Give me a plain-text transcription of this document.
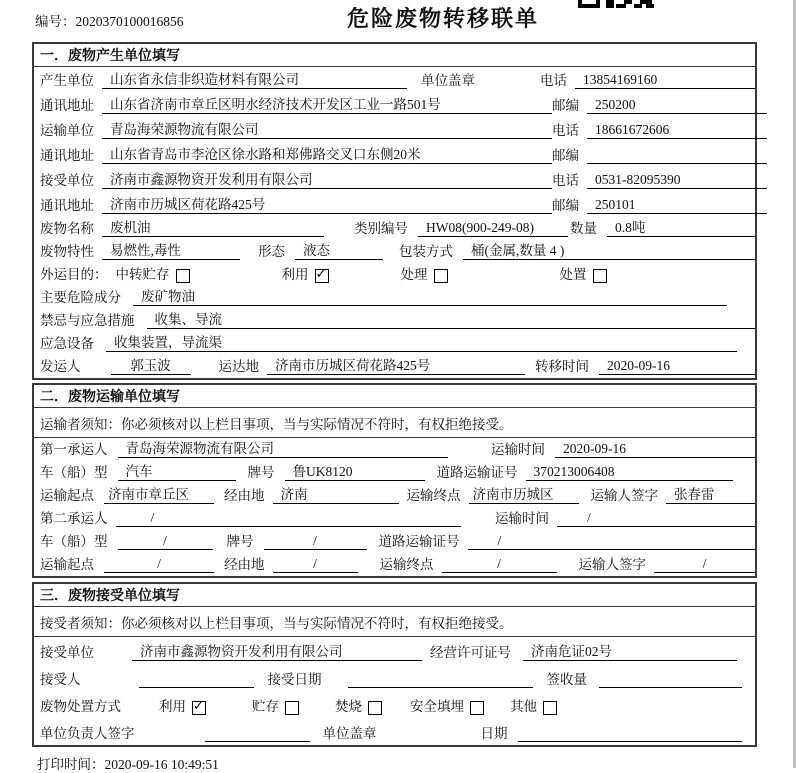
编号：2020370100016856	危险废物转移联单
一．废物产生单位填写
产生单位	山东省永信非织造材料有限公司	单位盖章	电话	13854169160
通讯地址	山东省济南市章丘区明水经济技术开发区工业一路501号	邮编	250200
运输单位	青岛海荣源物流有限公司	电话	18661672606
通讯地址	山东省青岛市李沧区徐水路和郑佛路交叉口东侧20米	邮编
接受单位	济南市鑫源物资开发利用有限公司	电话	0531-82095390
通讯地址	济南市历城区荷花路425号	邮编	250101
废物名称	废机油	类别编号	HW08(900-249-08)	数量	0.8吨
废物特性	易燃性,毒性	形态	液态	包装方式	桶(金属,数量 4 )
外运目的： 中转贮存	利用 ✓	处理	处置
主要危险成分	废矿物油
禁忌与应急措施	收集、导流
应急设备	收集装置，导流渠
发运人	郭玉波	运达地	济南市历城区荷花路425号	转移时间	2020-09-16
二．废物运输单位填写
运输者须知：你必须核对以上栏目事项，当与实际情况不符时，有权拒绝接受。
第一承运人	青岛海荣源物流有限公司	运输时间	2020-09-16
车（船）型	汽车	牌号	鲁UK8120	道路运输证号	370213006408
运输起点 济南市章丘区	经由地	济南	运输终点 济南市历城区	运输人签字	张春雷
第二承运人	/	运输时间	/
车（船）型	/	牌号	/	道路运输证号	/
运输起点	/	经由地	/	运输终点	/	运输人签字	/
三．废物接受单位填写
接受者须知：你必须核对以上栏目事项，当与实际情况不符时，有权拒绝接受。
接受单位	济南市鑫源物资开发利用有限公司	经营许可证号	济南危证02号
接受人	接受日期	签收量
废物处置方式	利用 ✓	贮存	焚烧	安全填埋	其他
单位负责人签字	单位盖章	日期
打印时间：2020-09-16 10:49:51
